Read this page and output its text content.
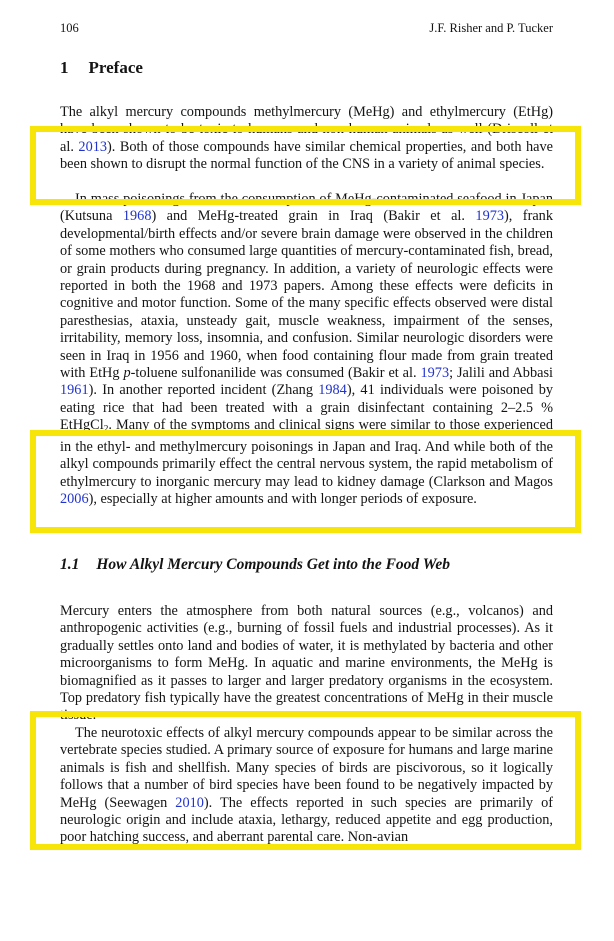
106	J.F. Risher and P. Tucker
1 Preface

The alkyl mercury compounds methylmercury (MeHg) and ethylmercury (EtHg) have been shown to be toxic to humans and non-human animals as well (Driscoll et al. 2013). Both of those compounds have similar chemical properties, and both have been shown to disrupt the normal function of the CNS in a variety of animal species.

In mass poisonings from the consumption of MeHg-contaminated seafood in Japan (Kutsuna 1968) and MeHg-treated grain in Iraq (Bakir et al. 1973), frank developmental/birth effects and/or severe brain damage were observed in the children of some mothers who consumed large quantities of mercury-contaminated fish, bread, or grain products during pregnancy. In addition, a variety of neurologic effects were reported in both the 1968 and 1973 papers. Among these effects were deficits in cognitive and motor function. Some of the many specific effects observed were distal paresthesias, ataxia, unsteady gait, muscle weakness, impairment of the senses, irritability, memory loss, insomnia, and confusion. Similar neurologic disorders were seen in Iraq in 1956 and 1960, when food containing flour made from grain treated with EtHg p-toluene sulfonanilide was consumed (Bakir et al. 1973; Jalili and Abbasi 1961). In another reported incident (Zhang 1984), 41 individuals were poisoned by eating rice that had been treated with a grain disinfectant containing 2–2.5 % EtHgCl2. Many of the symptoms and clinical signs were similar to those experienced in the ethyl- and methylmercury poisonings in Japan and Iraq. And while both of the alkyl compounds primarily effect the central nervous system, the rapid metabolism of ethylmercury to inorganic mercury may lead to kidney damage (Clarkson and Magos 2006), especially at higher amounts and with longer periods of exposure.

1.1 How Alkyl Mercury Compounds Get into the Food Web

Mercury enters the atmosphere from both natural sources (e.g., volcanos) and anthropogenic activities (e.g., burning of fossil fuels and industrial processes). As it gradually settles onto land and bodies of water, it is methylated by bacteria and other microorganisms to form MeHg. In aquatic and marine environments, the MeHg is biomagnified as it passes to larger and larger predatory organisms in the ecosystem. Top predatory fish typically have the greatest concentrations of MeHg in their muscle tissue.

The neurotoxic effects of alkyl mercury compounds appear to be similar across the vertebrate species studied. A primary source of exposure for humans and large marine animals is fish and shellfish. Many species of birds are piscivorous, so it logically follows that a number of bird species have been found to be negatively impacted by MeHg (Seewagen 2010). The effects reported in such species are primarily of neurologic origin and include ataxia, lethargy, reduced appetite and egg production, poor hatching success, and aberrant parental care. Non-avian
